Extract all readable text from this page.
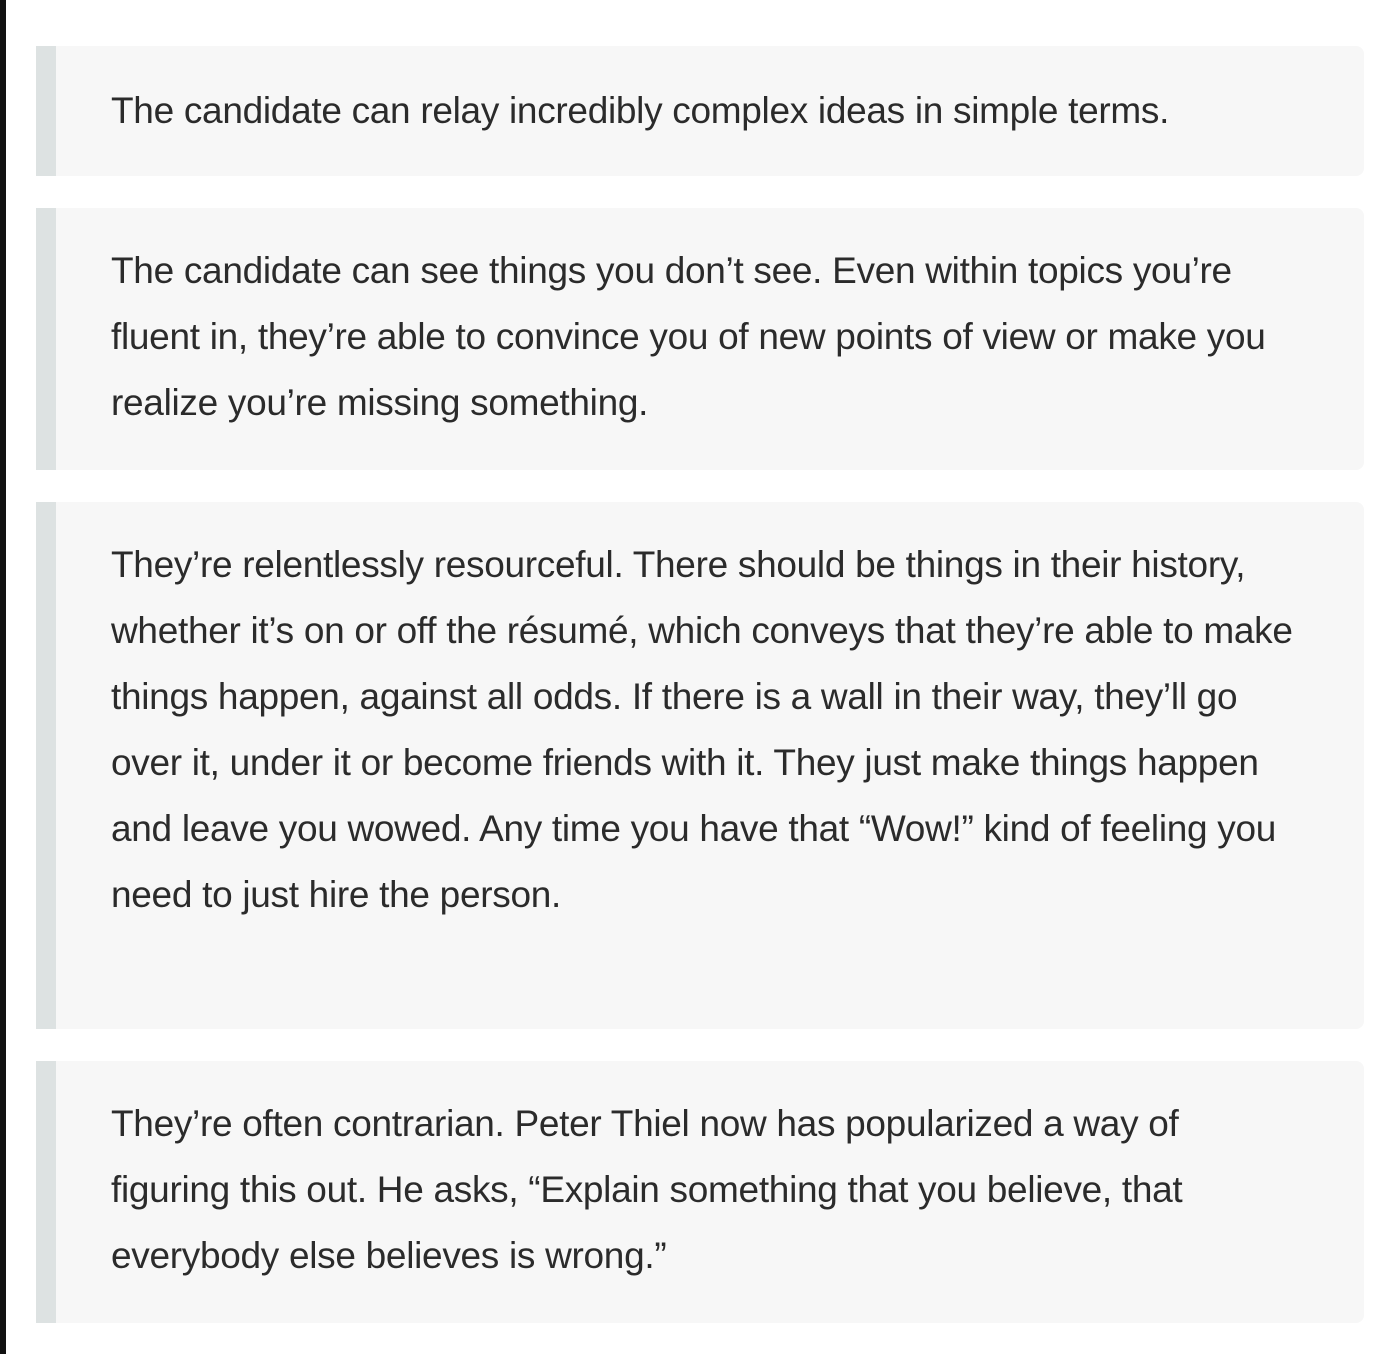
The candidate can relay incredibly complex ideas in simple terms.

The candidate can see things you don’t see. Even within topics you’re fluent in, they’re able to convince you of new points of view or make you realize you’re missing something.

They’re relentlessly resourceful. There should be things in their history, whether it’s on or off the résumé, which conveys that they’re able to make things happen, against all odds. If there is a wall in their way, they’ll go over it, under it or become friends with it. They just make things happen and leave you wowed. Any time you have that “Wow!” kind of feeling you need to just hire the person.

They’re often contrarian. Peter Thiel now has popularized a way of figuring this out. He asks, “Explain something that you believe, that everybody else believes is wrong.”
